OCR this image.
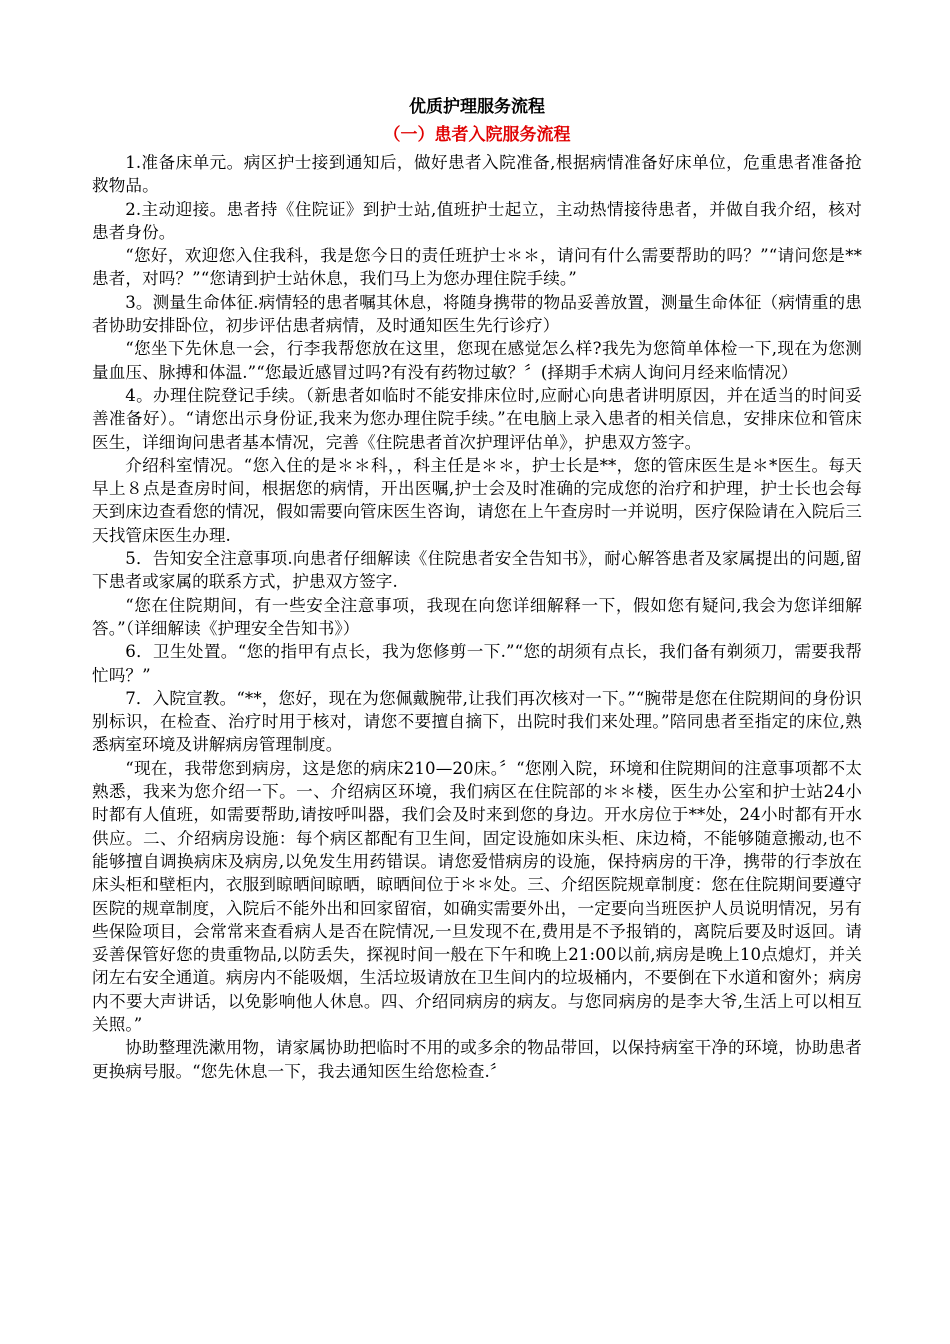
优质护理服务流程
（一）患者入院服务流程

1.准备床单元。病区护士接到通知后，做好患者入院准备,根据病情准备好床单位，危重患者准备抢救物品。

2.主动迎接。患者持《住院证》到护士站,值班护士起立，主动热情接待患者，并做自我介绍，核对患者身份。

“您好，欢迎您入住我科，我是您今日的责任班护士＊＊，请问有什么需要帮助的吗？”“请问您是**患者，对吗？”“您请到护士站休息，我们马上为您办理住院手续。”

3。测量生命体征.病情轻的患者嘱其休息，将随身携带的物品妥善放置，测量生命体征（病情重的患者协助安排卧位，初步评估患者病情，及时通知医生先行诊疗）

“您坐下先休息一会，行李我帮您放在这里，您现在感觉怎么样?我先为您简单体检一下,现在为您测量血压、脉搏和体温.”“您最近感冒过吗?有没有药物过敏？〞(择期手术病人询问月经来临情况）

4。办理住院登记手续。（新患者如临时不能安排床位时,应耐心向患者讲明原因，并在适当的时间妥善准备好）。“请您出示身份证,我来为您办理住院手续。”在电脑上录入患者的相关信息，安排床位和管床医生，详细询问患者基本情况，完善《住院患者首次护理评估单》，护患双方签字。

介绍科室情况。“您入住的是＊＊科，，科主任是＊＊，护士长是**，您的管床医生是＊*医生。每天早上８点是查房时间，根据您的病情，开出医嘱,护士会及时准确的完成您的治疗和护理，护士长也会每天到床边查看您的情况，假如需要向管床医生咨询，请您在上午查房时一并说明，医疗保险请在入院后三天找管床医生办理.

5．告知安全注意事项.向患者仔细解读《住院患者安全告知书》，耐心解答患者及家属提出的问题,留下患者或家属的联系方式，护患双方签字.

“您在住院期间，有一些安全注意事项，我现在向您详细解释一下，假如您有疑问,我会为您详细解答。”（详细解读《护理安全告知书》）

6．卫生处置。“您的指甲有点长，我为您修剪一下.”“您的胡须有点长，我们备有剃须刀，需要我帮忙吗？”

7．入院宣教。“**，您好，现在为您佩戴腕带,让我们再次核对一下。”“腕带是您在住院期间的身份识别标识，在检查、治疗时用于核对，请您不要擅自摘下，出院时我们来处理。”陪同患者至指定的床位,熟悉病室环境及讲解病房管理制度。

“现在，我带您到病房，这是您的病床210—20床。〞“您刚入院，环境和住院期间的注意事项都不太熟悉，我来为您介绍一下。一、介绍病区环境，我们病区在住院部的＊＊楼，医生办公室和护士站24小时都有人值班，如需要帮助,请按呼叫器，我们会及时来到您的身边。开水房位于**处，24小时都有开水供应。二、介绍病房设施：每个病区都配有卫生间，固定设施如床头柜、床边椅，不能够随意搬动,也不能够擅自调换病床及病房,以免发生用药错误。请您爱惜病房的设施，保持病房的干净，携带的行李放在床头柜和壁柜内，衣服到晾晒间晾晒，晾晒间位于＊＊处。三、介绍医院规章制度：您在住院期间要遵守医院的规章制度，入院后不能外出和回家留宿，如确实需要外出，一定要向当班医护人员说明情况，另有些保险项目，会常常来查看病人是否在院情况,一旦发现不在,费用是不予报销的，离院后要及时返回。请妥善保管好您的贵重物品,以防丢失，探视时间一般在下午和晚上21:00以前,病房是晚上10点熄灯，并关闭左右安全通道。病房内不能吸烟，生活垃圾请放在卫生间内的垃圾桶内，不要倒在下水道和窗外；病房内不要大声讲话，以免影响他人休息。四、介绍同病房的病友。与您同病房的是李大爷,生活上可以相互关照。”

协助整理洗漱用物，请家属协助把临时不用的或多余的物品带回，以保持病室干净的环境，协助患者更换病号服。“您先休息一下，我去通知医生给您检查.〞
